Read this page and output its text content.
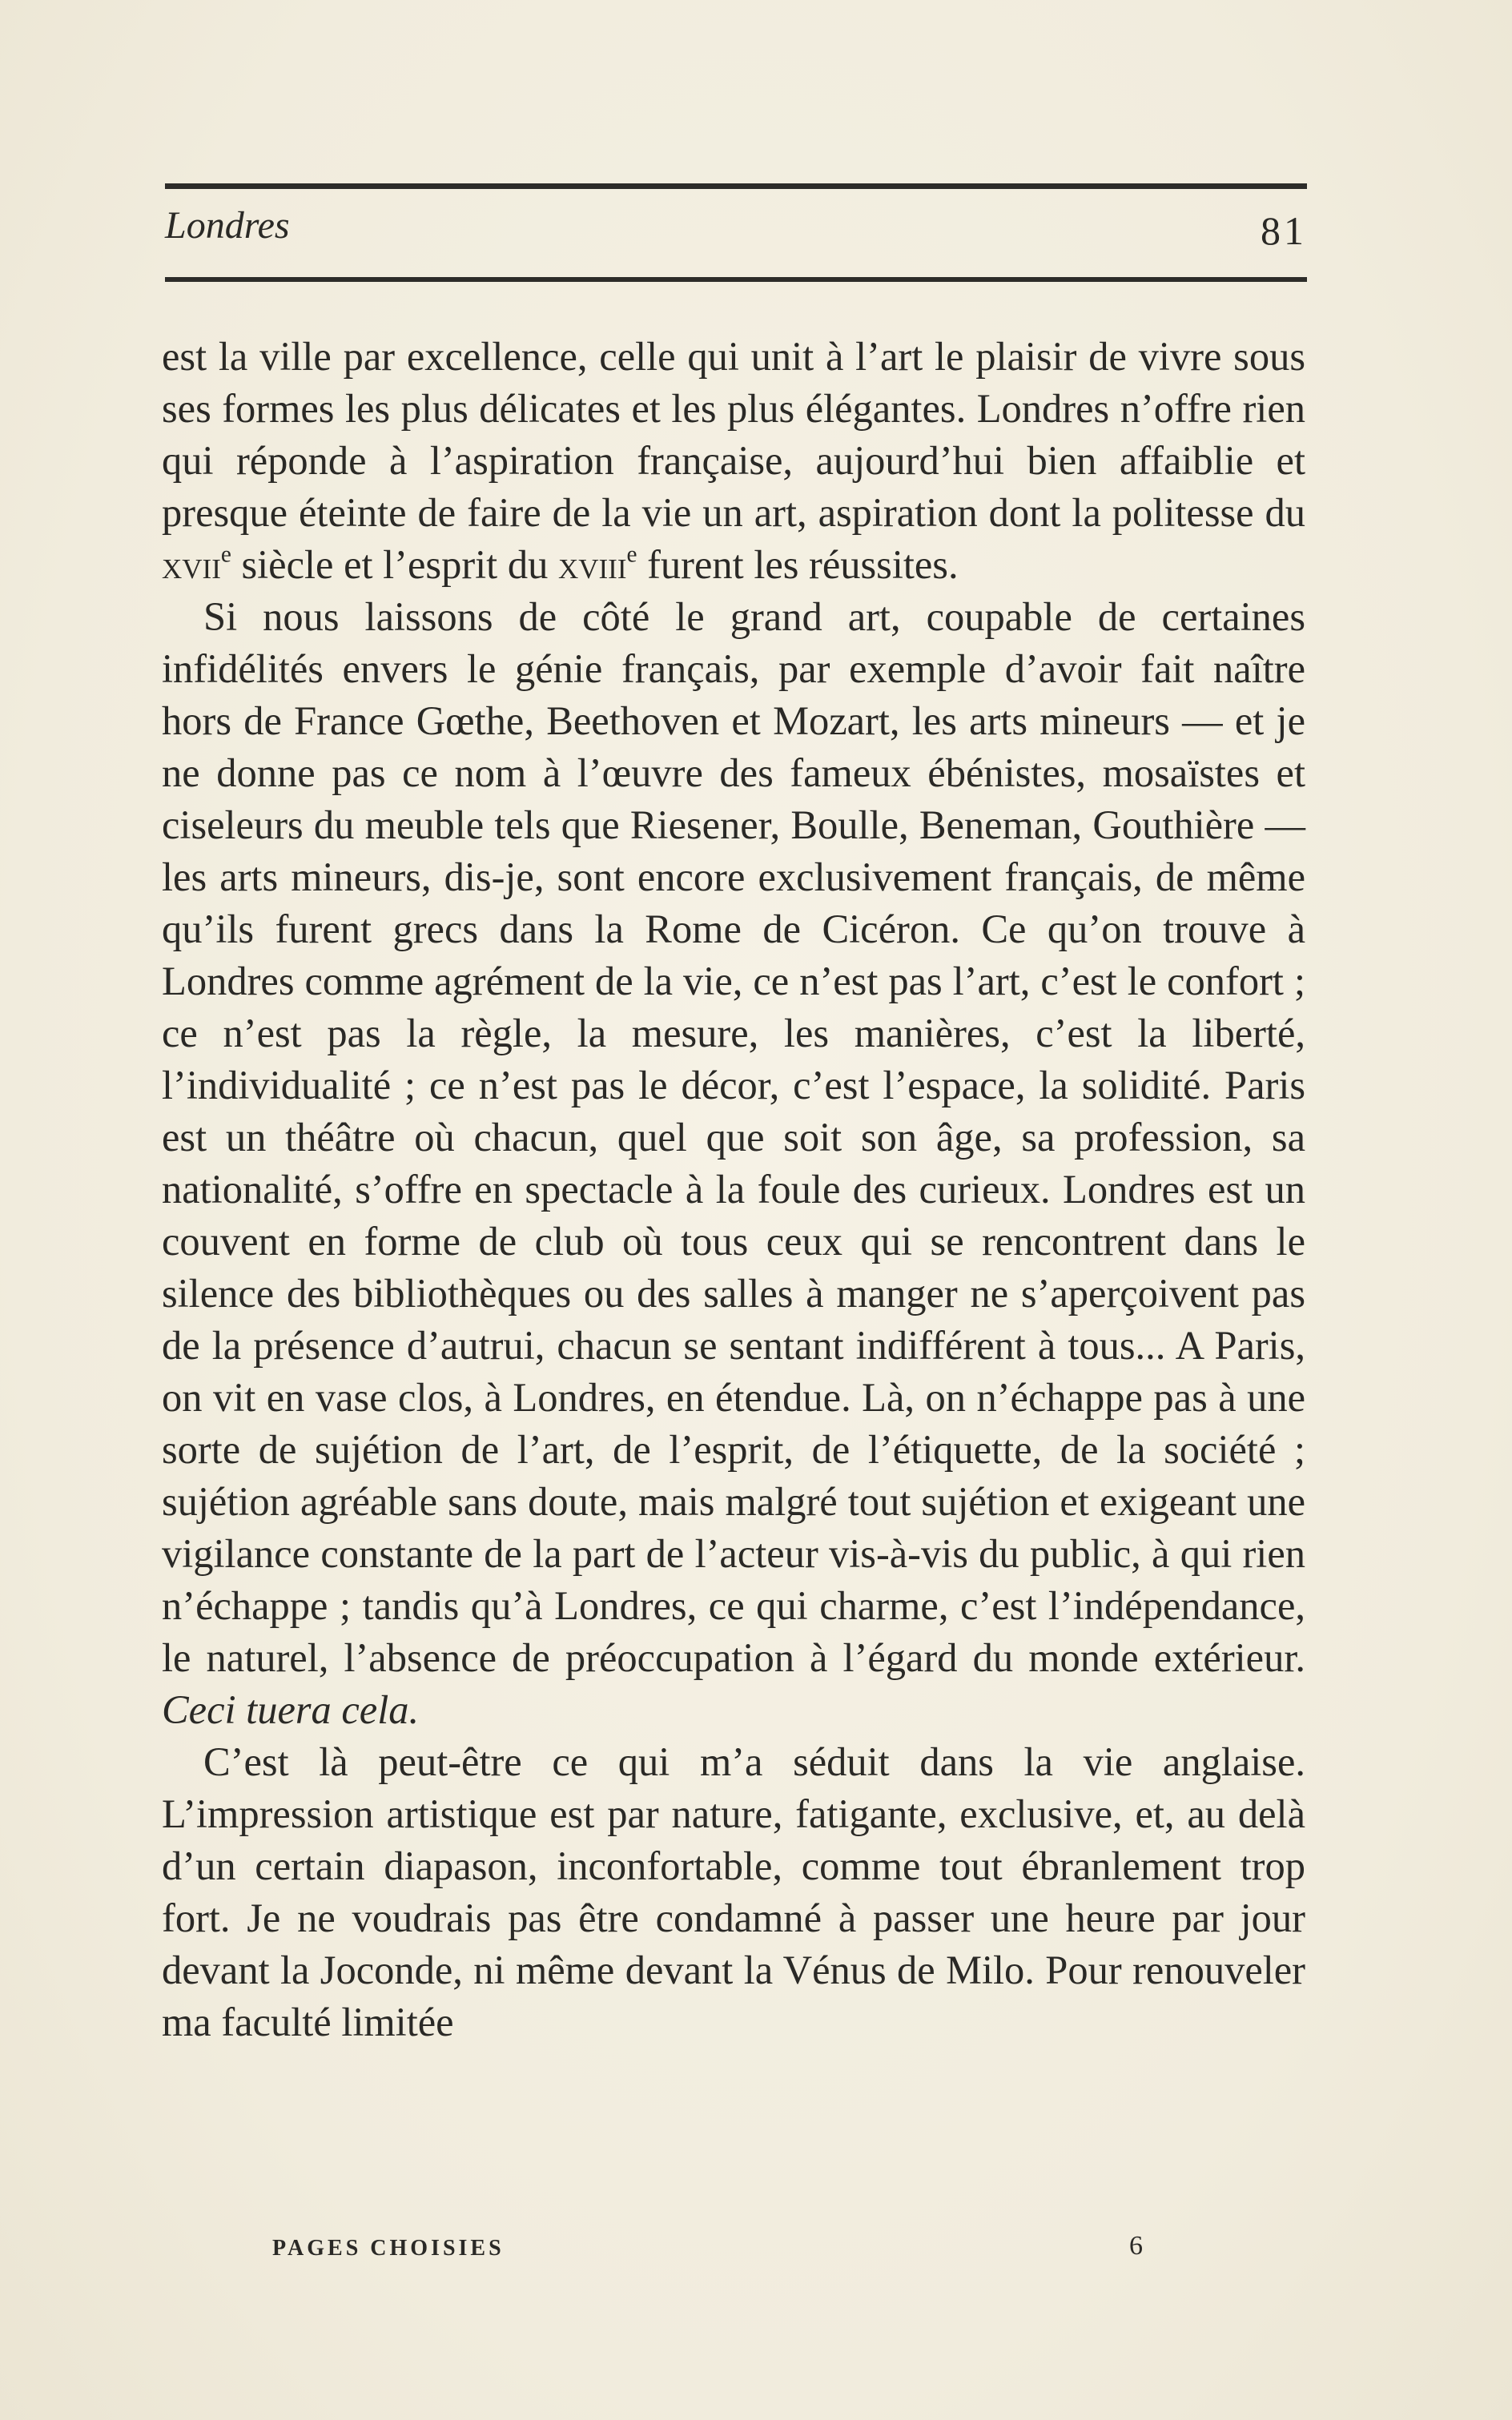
Londres	81

est la ville par excellence, celle qui unit à l’art le plaisir de vivre sous ses formes les plus délicates et les plus élégantes. Londres n’offre rien qui réponde à l’aspiration française, aujourd’hui bien affaiblie et presque éteinte de faire de la vie un art, aspiration dont la politesse du xvii$^e$ siècle et l’esprit du xviii$^e$ furent les réussites.

Si nous laissons de côté le grand art, coupable de certaines infidélités envers le génie français, par exemple d’avoir fait naître hors de France Gœthe, Beethoven et Mozart, les arts mineurs — et je ne donne pas ce nom à l’œuvre des fameux ébénistes, mosaïstes et ciseleurs du meuble tels que Riesener, Boulle, Beneman, Gouthière — les arts mineurs, dis-je, sont encore exclusivement français, de même qu’ils furent grecs dans la Rome de Cicéron. Ce qu’on trouve à Londres comme agrément de la vie, ce n’est pas l’art, c’est le confort ; ce n’est pas la règle, la mesure, les manières, c’est la liberté, l’individualité ; ce n’est pas le décor, c’est l’espace, la solidité. Paris est un théâtre où chacun, quel que soit son âge, sa profession, sa nationalité, s’offre en spectacle à la foule des curieux. Londres est un couvent en forme de club où tous ceux qui se rencontrent dans le silence des bibliothèques ou des salles à manger ne s’aperçoivent pas de la présence d’autrui, chacun se sentant indifférent à tous... A Paris, on vit en vase clos, à Londres, en étendue. Là, on n’échappe pas à une sorte de sujétion de l’art, de l’esprit, de l’étiquette, de la société ; sujétion agréable sans doute, mais malgré tout sujétion et exigeant une vigilance constante de la part de l’acteur vis-à-vis du public, à qui rien n’échappe ; tandis qu’à Londres, ce qui charme, c’est l’indépendance, le naturel, l’absence de préoccupation à l’égard du monde extérieur. Ceci tuera cela.

C’est là peut-être ce qui m’a séduit dans la vie anglaise. L’impression artistique est par nature, fatigante, exclusive, et, au delà d’un certain diapason, inconfortable, comme tout ébranlement trop fort. Je ne voudrais pas être condamné à passer une heure par jour devant la Joconde, ni même devant la Vénus de Milo. Pour renouveler ma faculté limitée

PAGES CHOISIES	6
